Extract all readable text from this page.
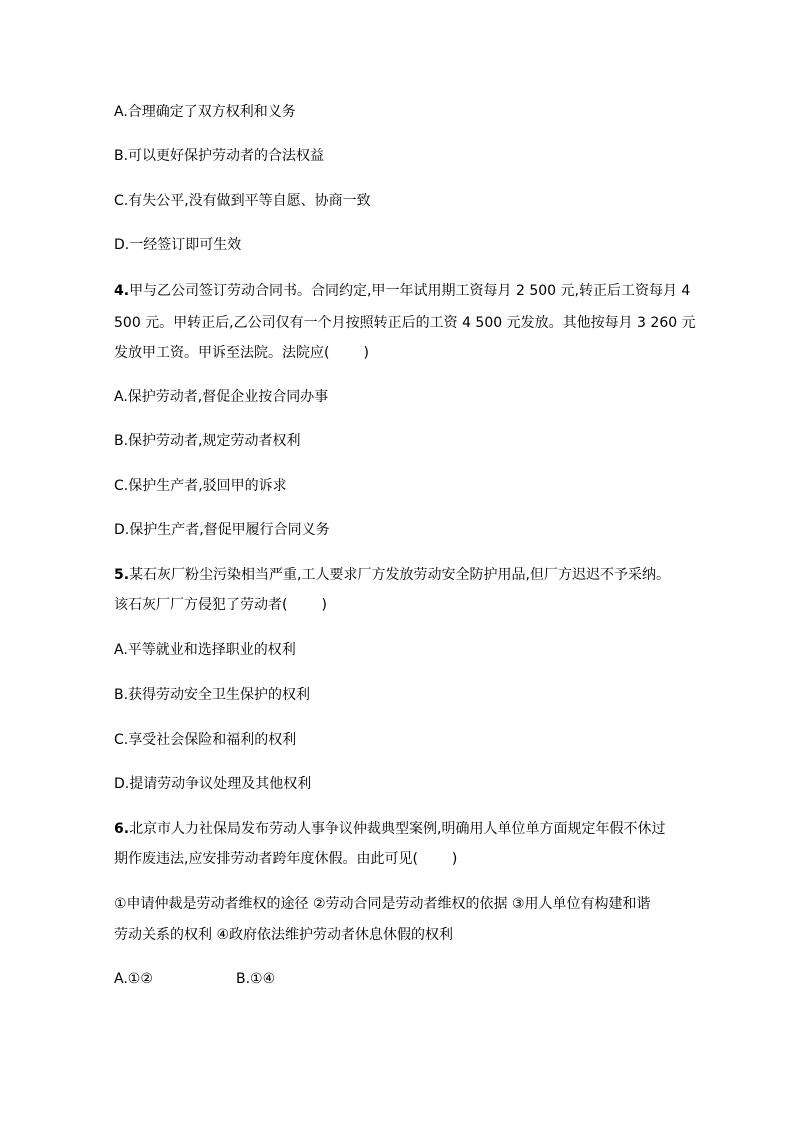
A.合理确定了双方权利和义务
B.可以更好保护劳动者的合法权益
C.有失公平,没有做到平等自愿、协商一致
D.一经签订即可生效
4.甲与乙公司签订劳动合同书。合同约定,甲一年试用期工资每月 2 500 元,转正后工资每月 4
500 元。甲转正后,乙公司仅有一个月按照转正后的工资 4 500 元发放。其他按每月 3 260 元
发放甲工资。甲诉至法院。法院应( )
A.保护劳动者,督促企业按合同办事
B.保护劳动者,规定劳动者权利
C.保护生产者,驳回甲的诉求
D.保护生产者,督促甲履行合同义务
5.某石灰厂粉尘污染相当严重,工人要求厂方发放劳动安全防护用品,但厂方迟迟不予采纳。
该石灰厂厂方侵犯了劳动者( )
A.平等就业和选择职业的权利
B.获得劳动安全卫生保护的权利
C.享受社会保险和福利的权利
D.提请劳动争议处理及其他权利
6.北京市人力社保局发布劳动人事争议仲裁典型案例,明确用人单位单方面规定年假不休过
期作废违法,应安排劳动者跨年度休假。由此可见( )
①申请仲裁是劳动者维权的途径 ②劳动合同是劳动者维权的依据 ③用人单位有构建和谐
劳动关系的权利 ④政府依法维护劳动者休息休假的权利
A.①②	B.①④
